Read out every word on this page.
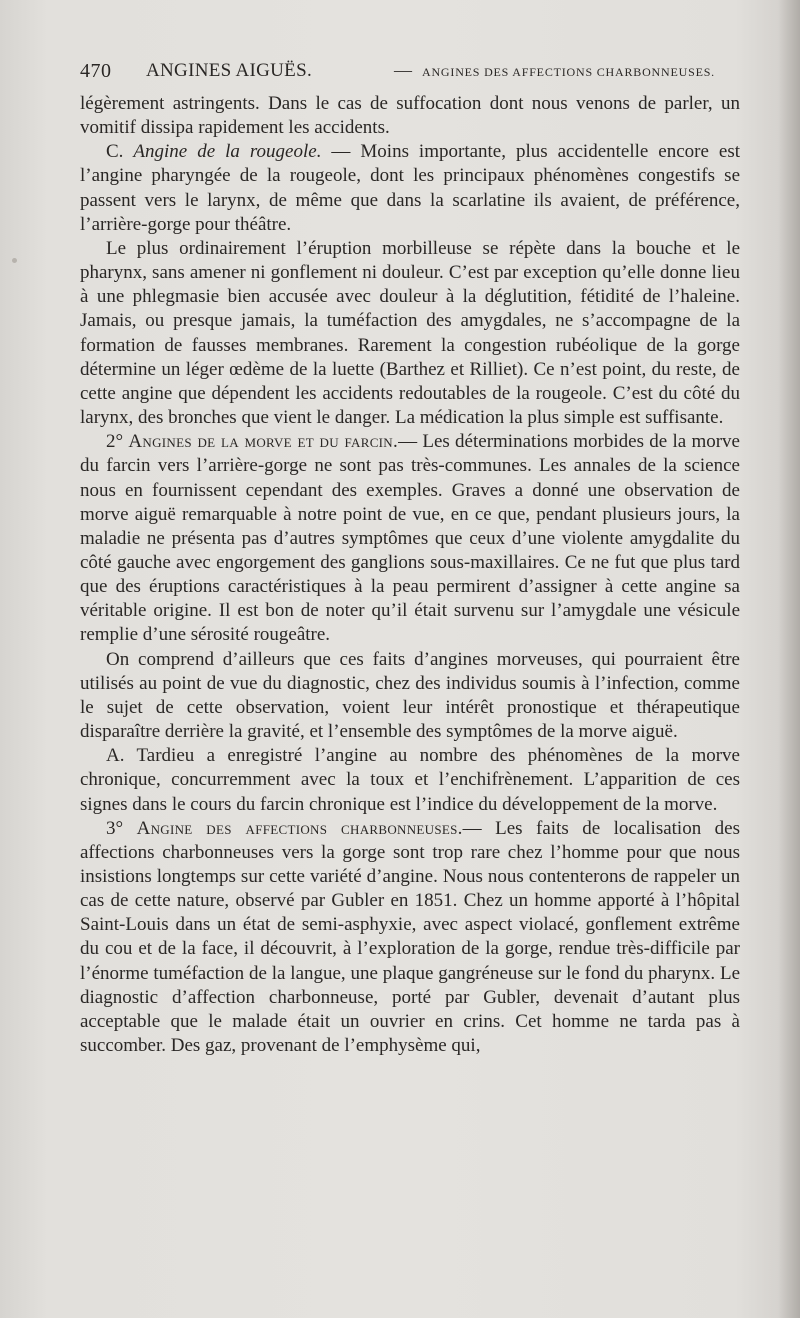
470 ANGINES AIGUËS.	— ANGINES DES AFFECTIONS CHARBONNEUSES.

légèrement astringents. Dans le cas de suffocation dont nous venons de parler, un vomitif dissipa rapidement les accidents.

C. Angine de la rougeole. — Moins importante, plus accidentelle encore est l’angine pharyngée de la rougeole, dont les principaux phénomènes congestifs se passent vers le larynx, de même que dans la scarlatine ils avaient, de préférence, l’arrière-gorge pour théâtre.

Le plus ordinairement l’éruption morbilleuse se répète dans la bouche et le pharynx, sans amener ni gonflement ni douleur. C’est par exception qu’elle donne lieu à une phlegmasie bien accusée avec douleur à la déglutition, fétidité de l’haleine. Jamais, ou presque jamais, la tuméfaction des amygdales, ne s’accompagne de la formation de fausses membranes. Rarement la congestion rubéolique de la gorge détermine un léger œdème de la luette (Barthez et Rilliet). Ce n’est point, du reste, de cette angine que dépendent les accidents redoutables de la rougeole. C’est du côté du larynx, des bronches que vient le danger. La médication la plus simple est suffisante.

2° Angines de la morve et du farcin.— Les déterminations morbides de la morve du farcin vers l’arrière-gorge ne sont pas très-communes. Les annales de la science nous en fournissent cependant des exemples. Graves a donné une observation de morve aiguë remarquable à notre point de vue, en ce que, pendant plusieurs jours, la maladie ne présenta pas d’autres symptômes que ceux d’une violente amygdalite du côté gauche avec engorgement des ganglions sous-maxillaires. Ce ne fut que plus tard que des éruptions caractéristiques à la peau permirent d’assigner à cette angine sa véritable origine. Il est bon de noter qu’il était survenu sur l’amygdale une vésicule remplie d’une sérosité rougeâtre.

On comprend d’ailleurs que ces faits d’angines morveuses, qui pourraient être utilisés au point de vue du diagnostic, chez des individus soumis à l’infection, comme le sujet de cette observation, voient leur intérêt pronostique et thérapeutique disparaître derrière la gravité, et l’ensemble des symptômes de la morve aiguë.

A. Tardieu a enregistré l’angine au nombre des phénomènes de la morve chronique, concurremment avec la toux et l’enchifrènement. L’apparition de ces signes dans le cours du farcin chronique est l’indice du développement de la morve.

3° Angine des affections charbonneuses.— Les faits de localisation des affections charbonneuses vers la gorge sont trop rare chez l’homme pour que nous insistions longtemps sur cette variété d’angine. Nous nous contenterons de rappeler un cas de cette nature, observé par Gubler en 1851. Chez un homme apporté à l’hôpital Saint-Louis dans un état de semi-asphyxie, avec aspect violacé, gonflement extrême du cou et de la face, il découvrit, à l’exploration de la gorge, rendue très-difficile par l’énorme tuméfaction de la langue, une plaque gangréneuse sur le fond du pharynx. Le diagnostic d’affection charbonneuse, porté par Gubler, devenait d’autant plus acceptable que le malade était un ouvrier en crins. Cet homme ne tarda pas à succomber. Des gaz, provenant de l’emphysème qui,
